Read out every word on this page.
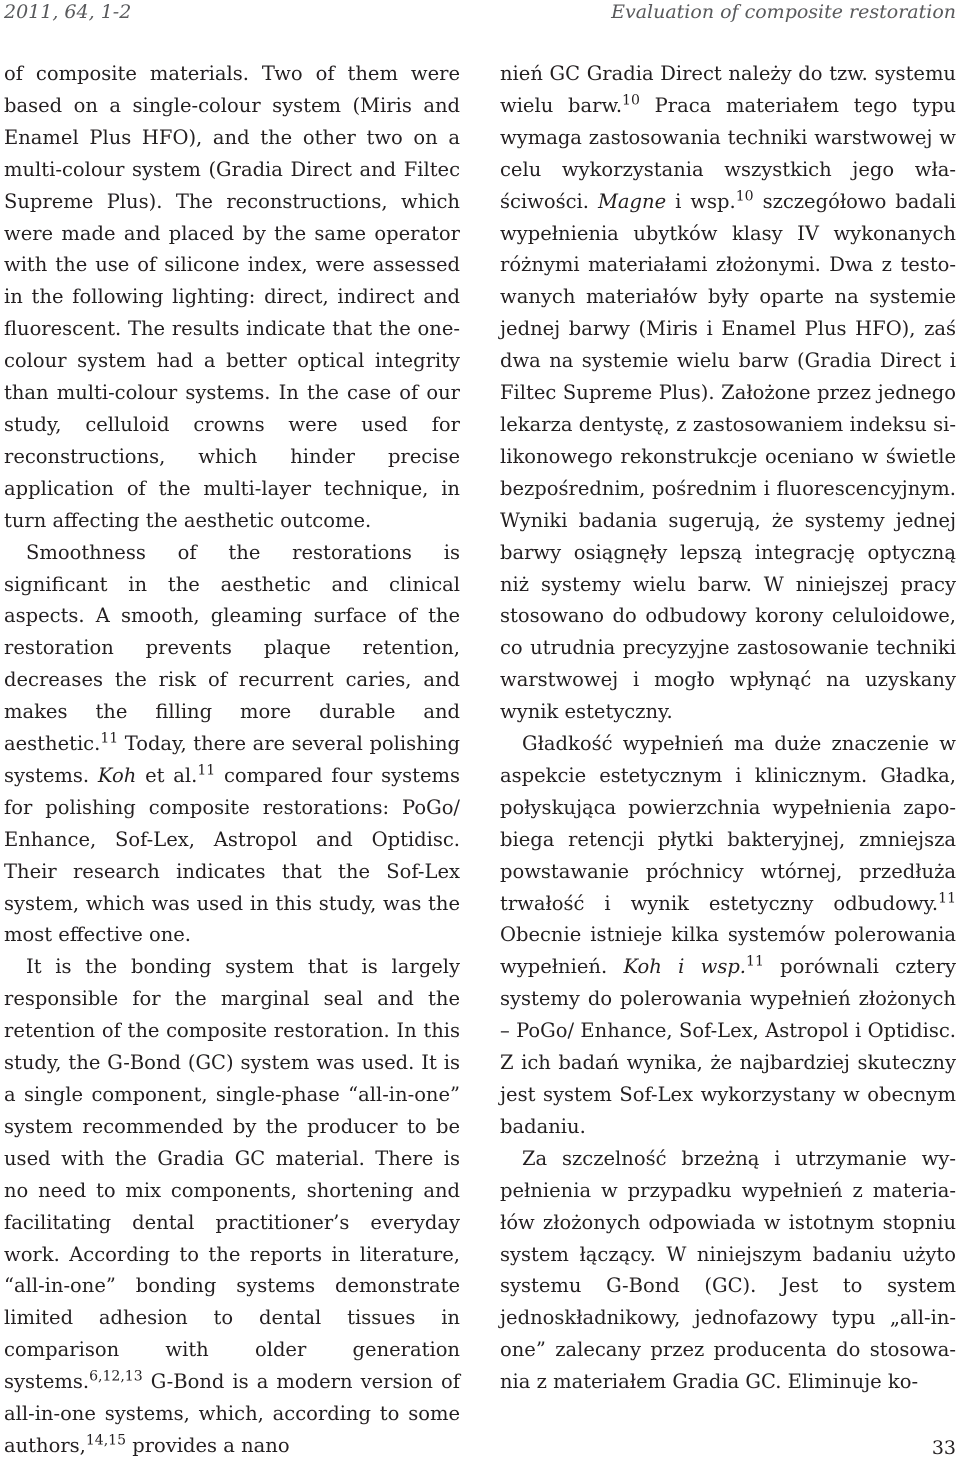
2011, 64, 1-2	Evaluation of composite restoration

of composite materials. Two of them were based on a single-colour system (Miris and Enamel Plus HFO), and the other two on a multi-colour system (Gradia Direct and Filtec Supreme Plus). The reconstructions, which were made and placed by the same operator with the use of silicone index, were assessed in the following lighting: direct, indirect and fluorescent. The results indicate that the one-colour system had a better optical integrity than multi-colour systems. In the case of our study, celluloid crowns were used for reconstructions, which hinder precise application of the multi-layer technique, in turn affecting the aesthetic outcome.

Smoothness of the restorations is significant in the aesthetic and clinical aspects. A smooth, gleaming surface of the restoration prevents plaque retention, decreases the risk of recurrent caries, and makes the filling more durable and aesthetic.$^{11}$ Today, there are several polishing systems. Koh et al.$^{11}$ compared four systems for polishing composite restorations: PoGo/ Enhance, Sof-Lex, Astropol and Optidisc. Their research indicates that the Sof-Lex system, which was used in this study, was the most effective one.

It is the bonding system that is largely responsible for the marginal seal and the retention of the composite restoration. In this study, the G-Bond (GC) system was used. It is a single component, single-phase “all-in-one” system recommended by the producer to be used with the Gradia GC material. There is no need to mix components, shortening and facilitating dental practitioner’s everyday work. According to the reports in literature, “all-in-one” bonding systems demonstrate limited adhesion to dental tissues in comparison with older generation systems.$^{6,12,13}$ G-Bond is a modern version of all-in-one systems, which, according to some authors,$^{14,15}$ provides a nano

nień GC Gradia Direct należy do tzw. systemu wielu barw.$^{10}$ Praca materiałem tego typu wymaga zastosowania techniki warstwowej w celu wykorzystania wszystkich jego właściwości. Magne i wsp.$^{10}$ szczegółowo badali wypełnienia ubytków klasy IV wykonanych różnymi materiałami złożonymi. Dwa z testowanych materiałów były oparte na systemie jednej barwy (Miris i Enamel Plus HFO), zaś dwa na systemie wielu barw (Gradia Direct i Filtec Supreme Plus). Założone przez jednego lekarza dentystę, z zastosowaniem indeksu silikonowego rekonstrukcje oceniano w świetle bezpośrednim, pośrednim i fluorescencyjnym. Wyniki badania sugerują, że systemy jednej barwy osiągnęły lepszą integrację optyczną niż systemy wielu barw. W niniejszej pracy stosowano do odbudowy korony celuloidowe, co utrudnia precyzyjne zastosowanie techniki warstwowej i mogło wpłynąć na uzyskany wynik estetyczny.

Gładkość wypełnień ma duże znaczenie w aspekcie estetycznym i klinicznym. Gładka, połyskująca powierzchnia wypełnienia zapobiega retencji płytki bakteryjnej, zmniejsza powstawanie próchnicy wtórnej, przedłuża trwałość i wynik estetyczny odbudowy.$^{11}$ Obecnie istnieje kilka systemów polerowania wypełnień. Koh i wsp.$^{11}$ porównali cztery systemy do polerowania wypełnień złożonych – PoGo/ Enhance, Sof-Lex, Astropol i Optidisc. Z ich badań wynika, że najbardziej skuteczny jest system Sof-Lex wykorzystany w obecnym badaniu.

Za szczelność brzeżną i utrzymanie wypełnienia w przypadku wypełnień z materiałów złożonych odpowiada w istotnym stopniu system łączący. W niniejszym badaniu użyto systemu G-Bond (GC). Jest to system jednoskładnikowy, jednofazowy typu „all-in-one” zalecany przez producenta do stosowania z materiałem Gradia GC. Eliminuje ko-

33
